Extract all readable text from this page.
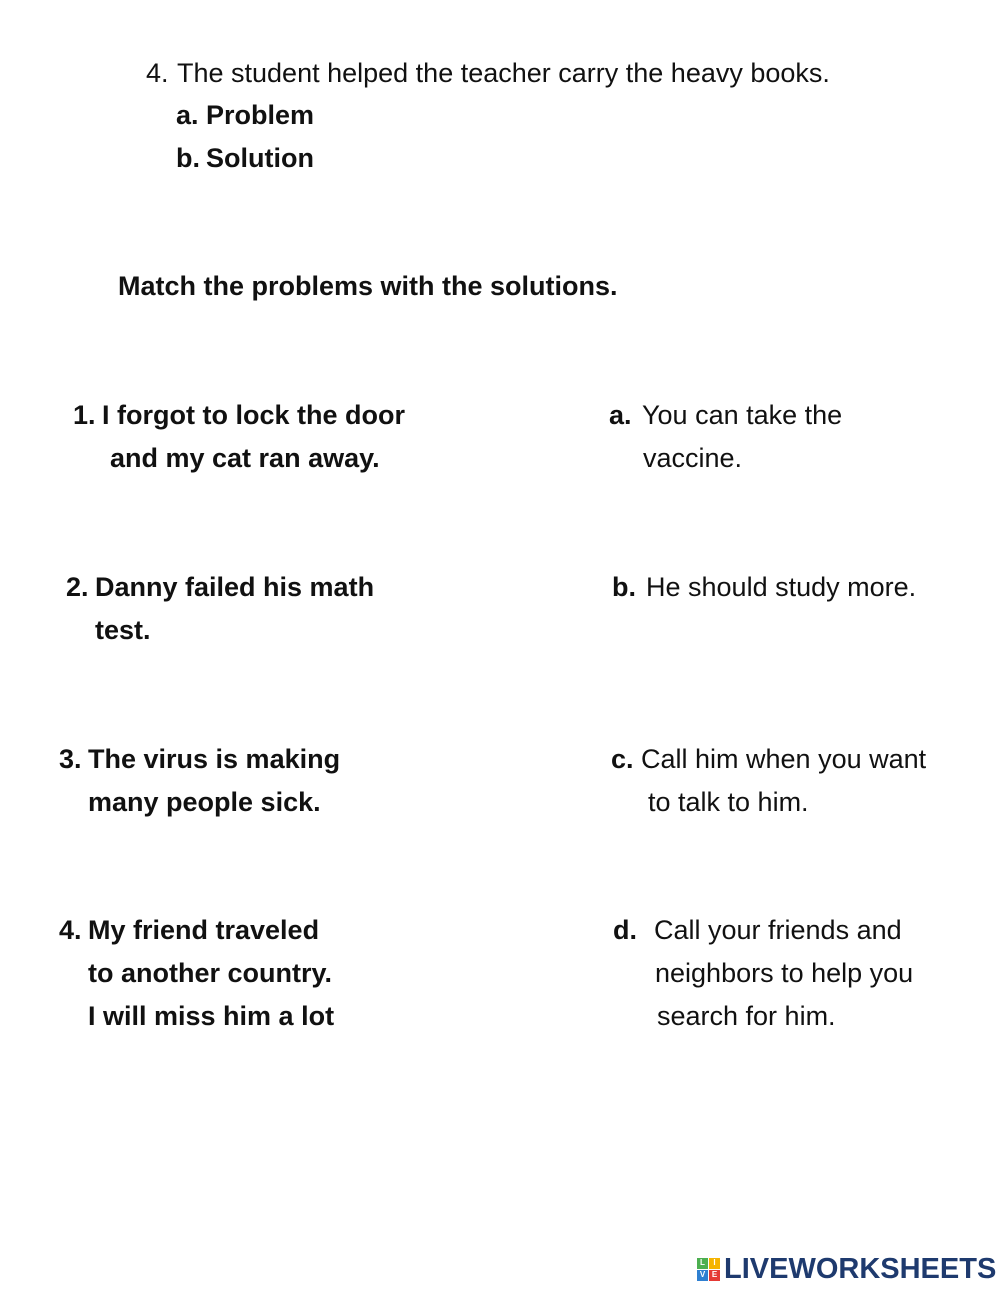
4. The student helped the teacher carry the heavy books.
a. Problem
b. Solution
Match the problems with the solutions.
1. I forgot to lock the door
and my cat ran away.
2. Danny failed his math
test.
3. The virus is making
many people sick.
4. My friend traveled
to another country.
I will miss him a lot
a. You can take the
vaccine.
b. He should study more.
c. Call him when you want
to talk to him.
d. Call your friends and
neighbors to help you
search for him.
L	I
V E LIVEWORKSHEETS
